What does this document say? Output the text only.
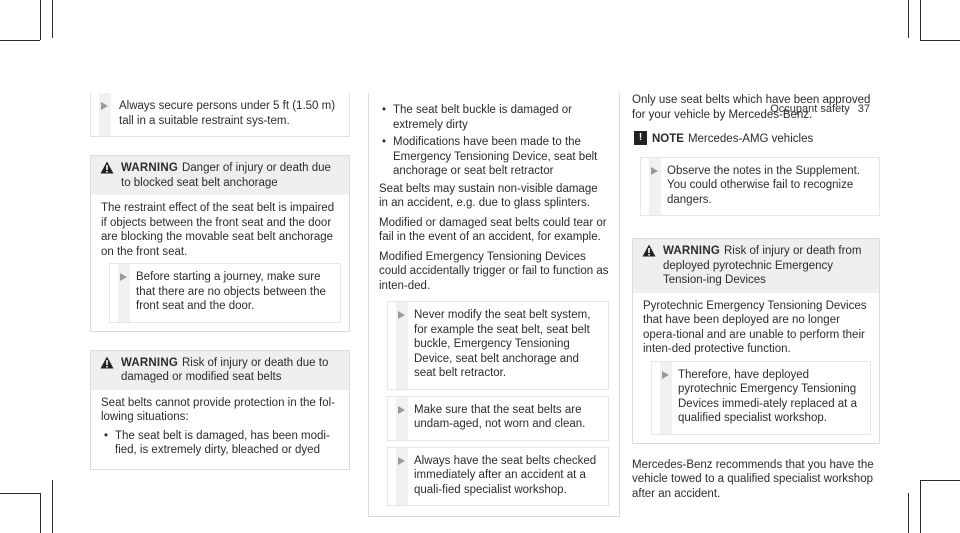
Occupant safety 37
Always secure persons under 5 ft (1.50 m) tall in a suitable restraint sys-tem.
WARNING Danger of injury or death due to blocked seat belt anchorage

The restraint effect of the seat belt is impaired if objects between the front seat and the door are blocking the movable seat belt anchorage on the front seat.

Before starting a journey, make sure that there are no objects between the front seat and the door.
WARNING Risk of injury or death due to damaged or modified seat belts

Seat belts cannot provide protection in the fol-lowing situations:

• The seat belt is damaged, has been modi-fied, is extremely dirty, bleached or dyed
• The seat belt buckle is damaged or extremely dirty
• Modifications have been made to the Emergency Tensioning Device, seat belt anchorage or seat belt retractor

Seat belts may sustain non-visible damage in an accident, e.g. due to glass splinters.

Modified or damaged seat belts could tear or fail in the event of an accident, for example.

Modified Emergency Tensioning Devices could accidentally trigger or fail to function as inten-ded.

Never modify the seat belt system, for example the seat belt, seat belt buckle, Emergency Tensioning Device, seat belt anchorage and seat belt retractor.
Make sure that the seat belts are undam-aged, not worn and clean.
Always have the seat belts checked immediately after an accident at a quali-fied specialist workshop.

Only use seat belts which have been approved for your vehicle by Mercedes-Benz.

! NOTE Mercedes-AMG vehicles
Observe the notes in the Supplement. You could otherwise fail to recognize dangers.
WARNING Risk of injury or death from deployed pyrotechnic Emergency Tension-ing Devices

Pyrotechnic Emergency Tensioning Devices that have been deployed are no longer opera-tional and are unable to perform their inten-ded protective function.

Therefore, have deployed pyrotechnic Emergency Tensioning Devices immedi-ately replaced at a qualified specialist workshop.

Mercedes-Benz recommends that you have the vehicle towed to a qualified specialist workshop after an accident.
